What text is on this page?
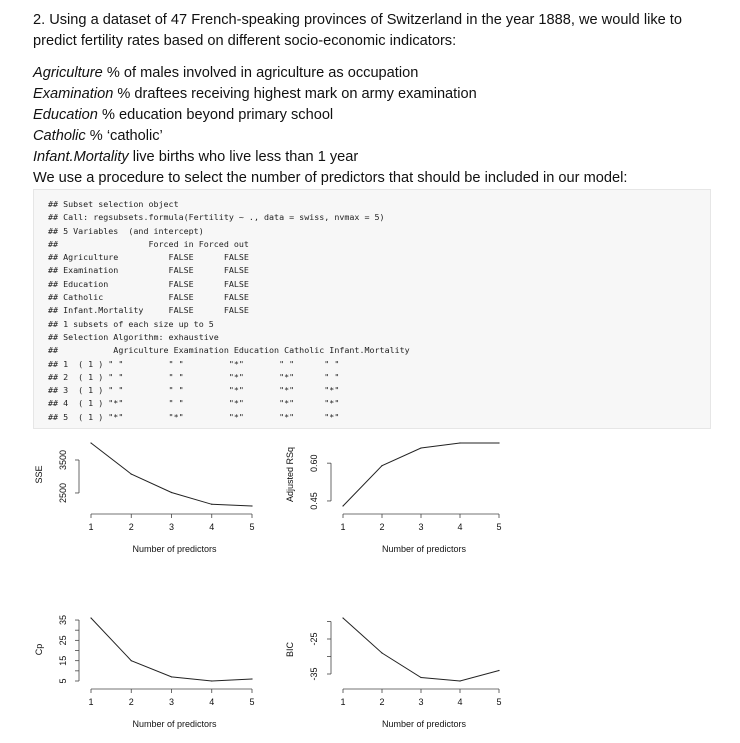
2. Using a dataset of 47 French-speaking provinces of Switzerland in the year 1888, we would like to

predict fertility rates based on different socio-economic indicators:

Agriculture % of males involved in agriculture as occupation
Examination % draftees receiving highest mark on army examination
Education % education beyond primary school
Catholic % ‘catholic’
Infant.Mortality live births who live less than 1 year
We use a procedure to select the number of predictors that should be included in our model:
## Subset selection object
## Call: regsubsets.formula(Fertility ~ ., data = swiss, nvmax = 5)
## 5 Variables  (and intercept)
##                  Forced in Forced out
## Agriculture          FALSE      FALSE
## Examination          FALSE      FALSE
## Education            FALSE      FALSE
## Catholic             FALSE      FALSE
## Infant.Mortality     FALSE      FALSE
## 1 subsets of each size up to 5
## Selection Algorithm: exhaustive
##           Agriculture Examination Education Catholic Infant.Mortality
## 1  ( 1 ) " "         " "         "*"       " "      " "
## 2  ( 1 ) " "         " "         "*"       "*"      " "
## 3  ( 1 ) " "         " "         "*"       "*"      "*"
## 4  ( 1 ) "*"         " "         "*"       "*"      "*"
## 5  ( 1 ) "*"         "*"         "*"       "*"      "*"
1	2	3	4	5
Number of predictors
2500
3500
SSE
1	2	3	4	5
Number of predictors
0.45
0.60
Adjusted RSq
1	2	3	4	5
Number of predictors
5
15
25
35
Cp
1	2	3	4	5
Number of predictors
-35
-25
BIC
